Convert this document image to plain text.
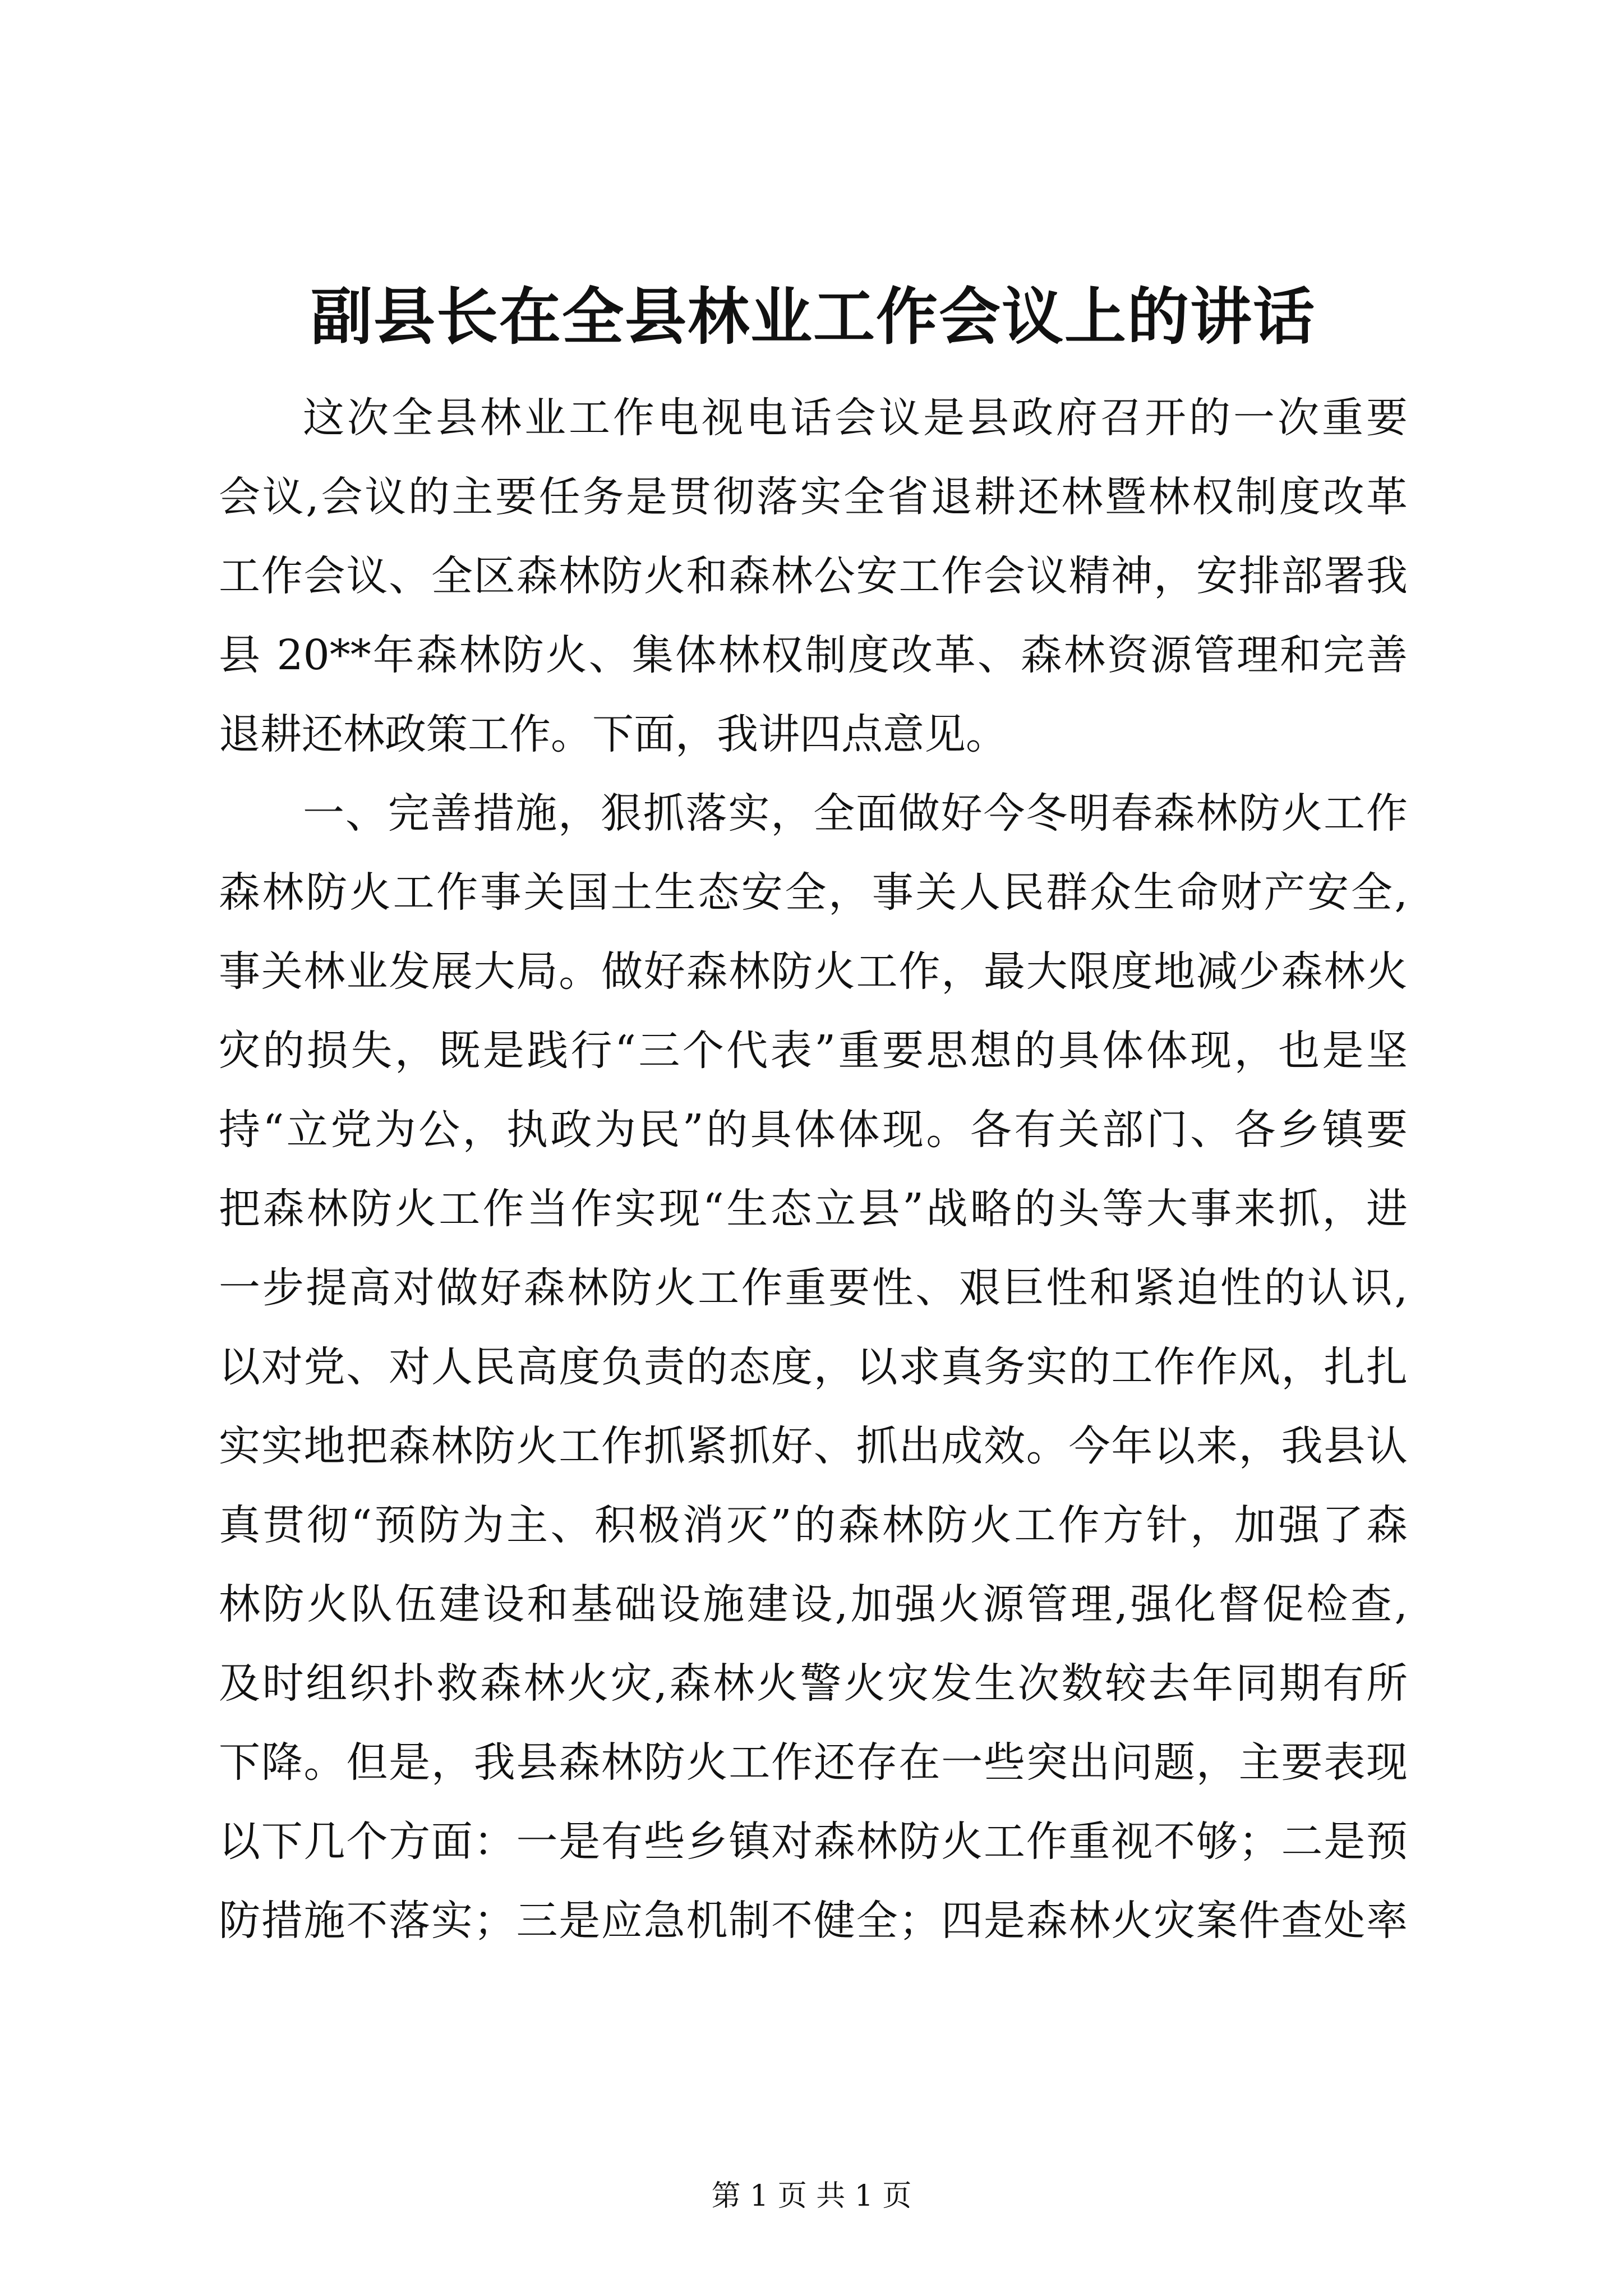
副县长在全县林业工作会议上的讲话
这次全县林业工作电视电话会议是县政府召开的一次重要
会议,会议的主要任务是贯彻落实全省退耕还林暨林权制度改革
工作会议、全区森林防火和森林公安工作会议精神，安排部署我
县 20**年森林防火、集体林权制度改革、森林资源管理和完善
退耕还林政策工作。下面，我讲四点意见。
一、完善措施，狠抓落实，全面做好今冬明春森林防火工作
森林防火工作事关国土生态安全，事关人民群众生命财产安全,
事关林业发展大局。做好森林防火工作，最大限度地减少森林火
灾的损失，既是践行“三个代表”重要思想的具体体现，也是坚
持“立党为公，执政为民”的具体体现。各有关部门、各乡镇要
把森林防火工作当作实现“生态立县”战略的头等大事来抓，进
一步提高对做好森林防火工作重要性、艰巨性和紧迫性的认识,
以对党、对人民高度负责的态度，以求真务实的工作作风，扎扎
实实地把森林防火工作抓紧抓好、抓出成效。今年以来，我县认
真贯彻“预防为主、积极消灭”的森林防火工作方针，加强了森
林防火队伍建设和基础设施建设,加强火源管理,强化督促检查,
及时组织扑救森林火灾,森林火警火灾发生次数较去年同期有所
下降。但是，我县森林防火工作还存在一些突出问题，主要表现
以下几个方面：一是有些乡镇对森林防火工作重视不够；二是预
防措施不落实；三是应急机制不健全；四是森林火灾案件查处率
第 1 页 共 1 页
